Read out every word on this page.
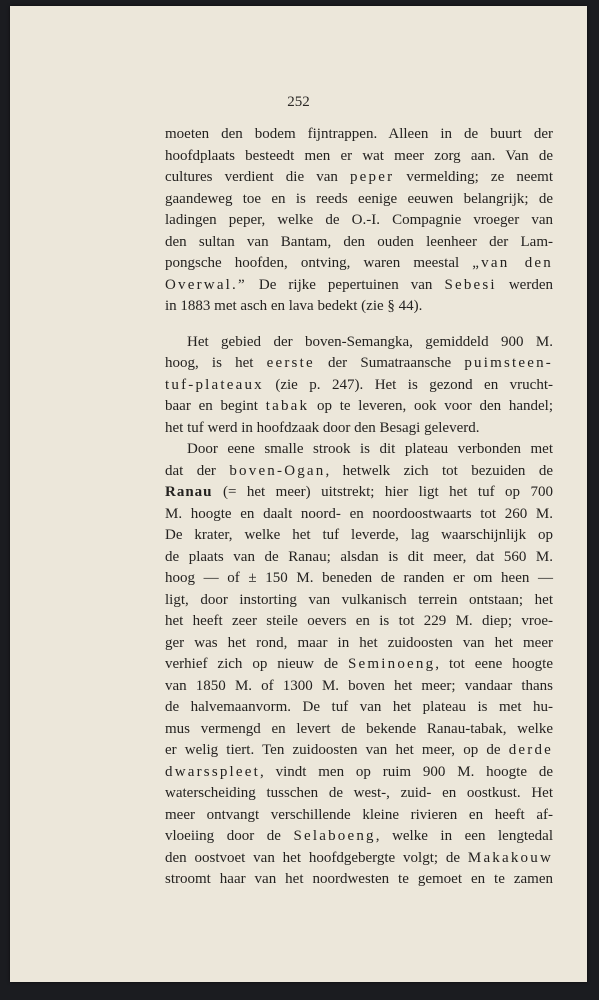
252
moeten den bodem fijntrappen. Alleen in de buurt der
hoofdplaats besteedt men er wat meer zorg aan. Van de
cultures verdient die van peper vermelding; ze neemt
gaandeweg toe en is reeds eenige eeuwen belangrijk; de
ladingen peper, welke de O.-I. Compagnie vroeger van
den sultan van Bantam, den ouden leenheer der Lam-
pongsche hoofden, ontving, waren meestal „van den
Overwal.” De rijke pepertuinen van Sebesi werden
in 1883 met asch en lava bedekt (zie § 44).
Het gebied der boven-Semangka, gemiddeld 900 M.
hoog, is het eerste der Sumatraansche puimsteen-
tuf-plateaux (zie p. 247). Het is gezond en vrucht-
baar en begint tabak op te leveren, ook voor den handel;
het tuf werd in hoofdzaak door den Besagi geleverd.
Door eene smalle strook is dit plateau verbonden met
dat der boven-Ogan, hetwelk zich tot bezuiden de
Ranau (= het meer) uitstrekt; hier ligt het tuf op 700
M. hoogte en daalt noord- en noordoostwaarts tot 260 M.
De krater, welke het tuf leverde, lag waarschijnlijk op
de plaats van de Ranau; alsdan is dit meer, dat 560 M.
hoog — of ± 150 M. beneden de randen er om heen —
ligt, door instorting van vulkanisch terrein ontstaan; het
het heeft zeer steile oevers en is tot 229 M. diep; vroe-
ger was het rond, maar in het zuidoosten van het meer
verhief zich op nieuw de Seminoeng, tot eene hoogte
van 1850 M. of 1300 M. boven het meer; vandaar thans
de halvemaanvorm. De tuf van het plateau is met hu-
mus vermengd en levert de bekende Ranau-tabak, welke
er welig tiert. Ten zuidoosten van het meer, op de derde
dwarsspleet, vindt men op ruim 900 M. hoogte de
waterscheiding tusschen de west-, zuid- en oostkust. Het
meer ontvangt verschillende kleine rivieren en heeft af-
vloeiing door de Selaboeng, welke in een lengtedal
den oostvoet van het hoofdgebergte volgt; de Makakouw
stroomt haar van het noordwesten te gemoet en te zamen
